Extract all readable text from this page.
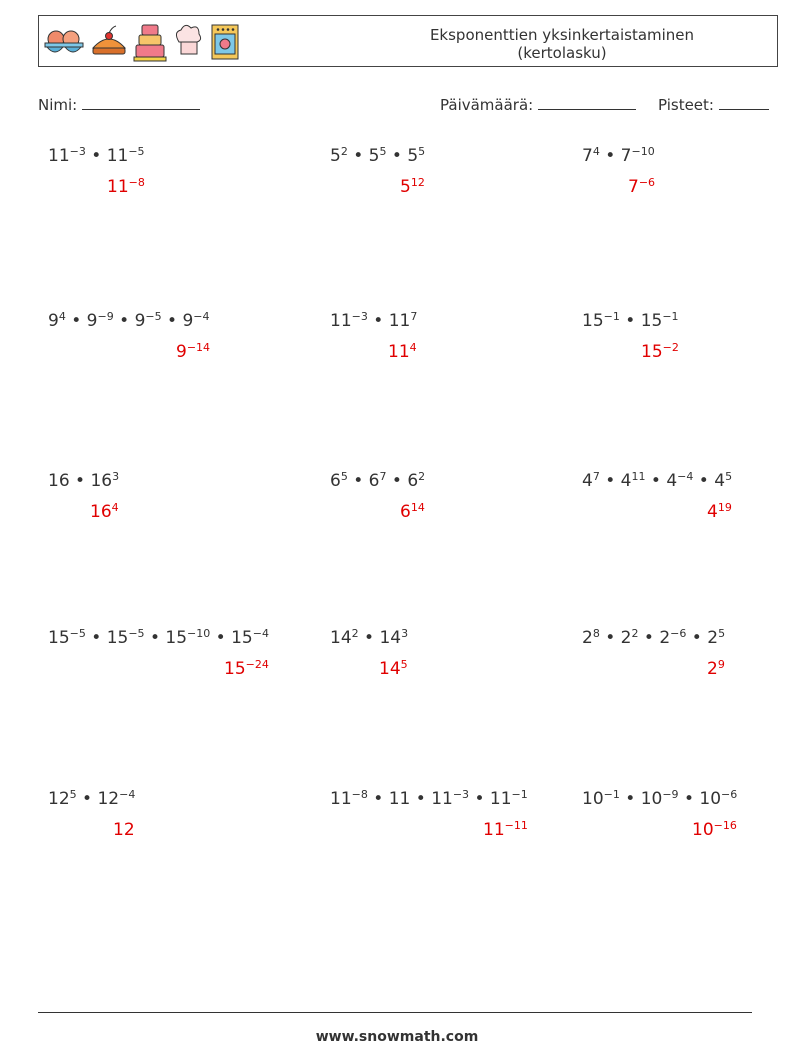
Eksponenttien yksinkertaistaminen
(kertolasku)
Nimi:	Päivämäärä:	Pisteet:
$11^{-3}$ • $11^{-5}$
$11^{-8}$
$5^2$ • $5^5$ • $5^5$
$5^{12}$
$7^4$ • $7^{-10}$
$7^{-6}$
$9^4$ • $9^{-9}$ • $9^{-5}$ • $9^{-4}$
$9^{-14}$
$11^{-3}$ • $11^7$
$11^4$
$15^{-1}$ • $15^{-1}$
$15^{-2}$
16 • $16^3$
$16^4$
$6^5$ • $6^7$ • $6^2$
$6^{14}$
$4^7$ • $4^{11}$ • $4^{-4}$ • $4^5$
$4^{19}$
$15^{-5}$ • $15^{-5}$ • $15^{-10}$ • $15^{-4}$
$15^{-24}$
$14^2$ • $14^3$
$14^5$
$2^8$ • $2^2$ • $2^{-6}$ • $2^5$
$2^9$
$12^5$ • $12^{-4}$
12
$11^{-8}$ • 11 • $11^{-3}$ • $11^{-1}$
$11^{-11}$
$10^{-1}$ • $10^{-9}$ • $10^{-6}$
$10^{-16}$
www.snowmath.com
